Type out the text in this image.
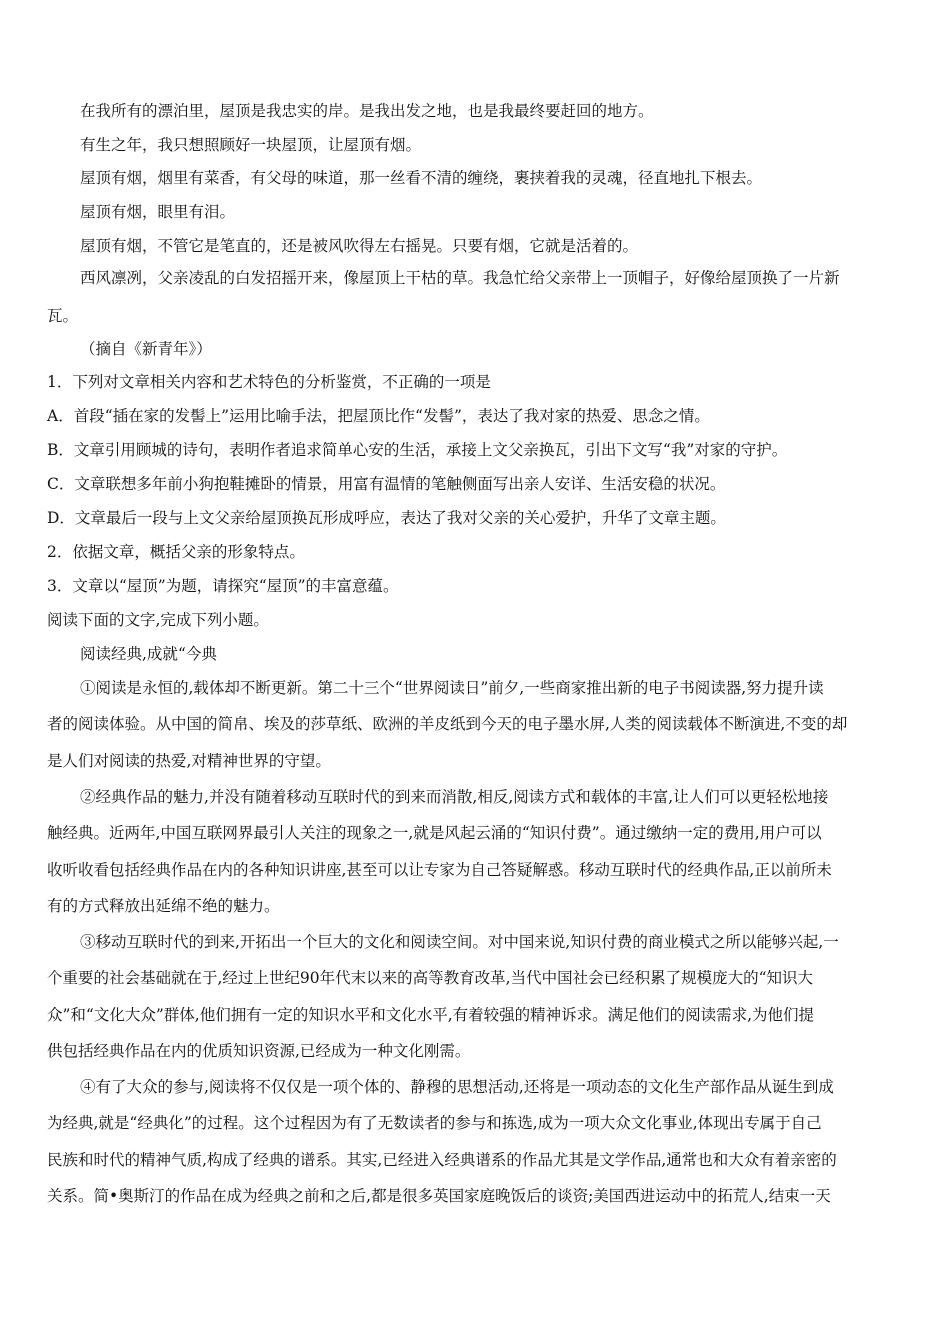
在我所有的漂泊里，屋顶是我忠实的岸。是我出发之地，也是我最终要赶回的地方。

有生之年，我只想照顾好一块屋顶，让屋顶有烟。

屋顶有烟，烟里有菜香，有父母的味道，那一丝看不清的缠绕，裹挟着我的灵魂，径直地扎下根去。

屋顶有烟，眼里有泪。

屋顶有烟，不管它是笔直的，还是被风吹得左右摇晃。只要有烟，它就是活着的。

西风凛冽，父亲凌乱的白发招摇开来，像屋顶上干枯的草。我急忙给父亲带上一顶帽子，好像给屋顶换了一片新

瓦。

（摘自《新青年》）

1．下列对文章相关内容和艺术特色的分析鉴赏，不正确的一项是

A．首段“插在家的发髻上”运用比喻手法，把屋顶比作“发髻”，表达了我对家的热爱、思念之情。

B．文章引用顾城的诗句，表明作者追求简单心安的生活，承接上文父亲换瓦，引出下文写“我”对家的守护。

C．文章联想多年前小狗抱鞋摊卧的情景，用富有温情的笔触侧面写出亲人安详、生活安稳的状况。

D．文章最后一段与上文父亲给屋顶换瓦形成呼应，表达了我对父亲的关心爱护，升华了文章主题。

2．依据文章，概括父亲的形象特点。

3．文章以“屋顶”为题，请探究“屋顶”的丰富意蕴。

阅读下面的文字,完成下列小题。

阅读经典,成就“今典

①阅读是永恒的,载体却不断更新。第二十三个“世界阅读日”前夕,一些商家推出新的电子书阅读器,努力提升读

者的阅读体验。从中国的简帛、埃及的莎草纸、欧洲的羊皮纸到今天的电子墨水屏,人类的阅读载体不断演进,不变的却

是人们对阅读的热爱,对精神世界的守望。

②经典作品的魅力,并没有随着移动互联时代的到来而消散,相反,阅读方式和载体的丰富,让人们可以更轻松地接

触经典。近两年,中国互联网界最引人关注的现象之一,就是风起云涌的“知识付费”。通过缴纳一定的费用,用户可以

收听收看包括经典作品在内的各种知识讲座,甚至可以让专家为自己答疑解惑。移动互联时代的经典作品,正以前所未

有的方式释放出延绵不绝的魅力。

③移动互联时代的到来,开拓出一个巨大的文化和阅读空间。对中国来说,知识付费的商业模式之所以能够兴起,一

个重要的社会基础就在于,经过上世纪90年代末以来的高等教育改革,当代中国社会已经积累了规模庞大的“知识大

众”和“文化大众”群体,他们拥有一定的知识水平和文化水平,有着较强的精神诉求。满足他们的阅读需求,为他们提

供包括经典作品在内的优质知识资源,已经成为一种文化刚需。

④有了大众的参与,阅读将不仅仅是一项个体的、静穆的思想活动,还将是一项动态的文化生产部作品从诞生到成

为经典,就是“经典化”的过程。这个过程因为有了无数读者的参与和拣选,成为一项大众文化事业,体现出专属于自己

民族和时代的精神气质,构成了经典的谱系。其实,已经进入经典谱系的作品尤其是文学作品,通常也和大众有着亲密的

关系。简•奥斯汀的作品在成为经典之前和之后,都是很多英国家庭晚饭后的谈资;美国西进运动中的拓荒人,结束一天
